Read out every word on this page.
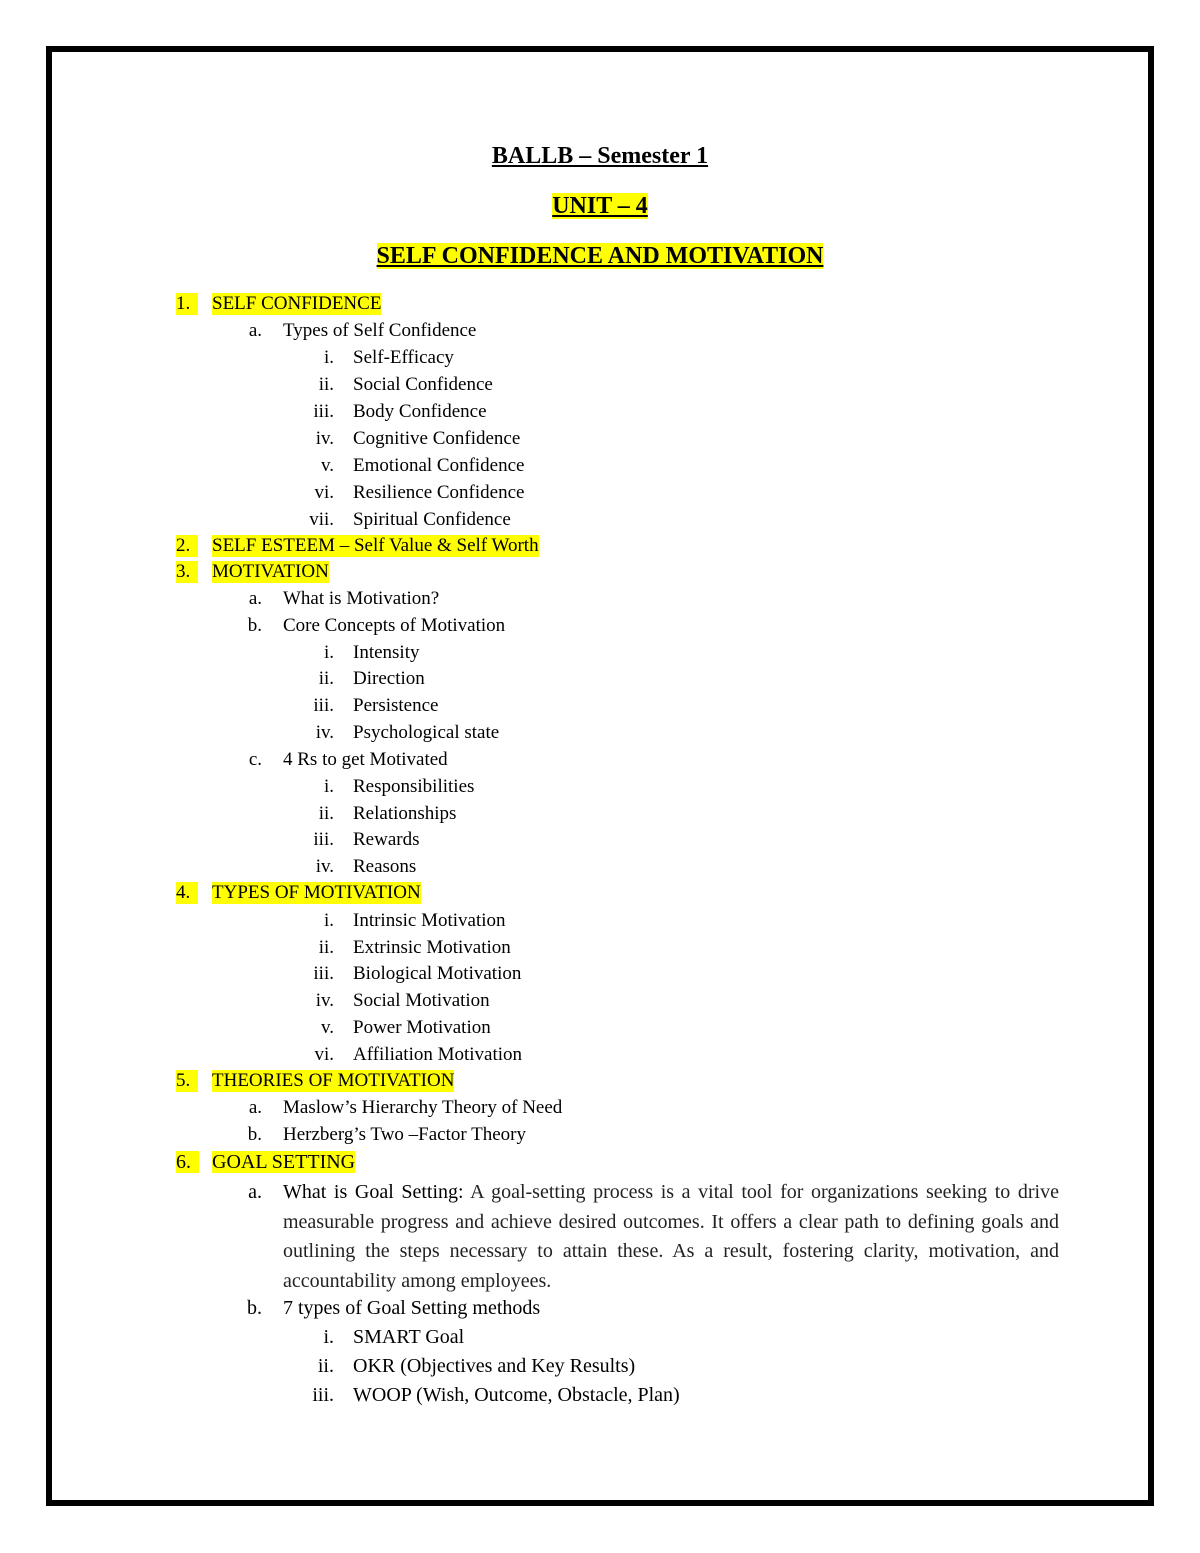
BALLB – Semester 1
UNIT – 4
SELF CONFIDENCE AND MOTIVATION
1.	SELF CONFIDENCE
a. Types of Self Confidence
i. Self-Efficacy
ii. Social Confidence
iii. Body Confidence
iv. Cognitive Confidence
v. Emotional Confidence
vi. Resilience Confidence
vii. Spiritual Confidence
2.	SELF ESTEEM – Self Value & Self Worth
3.	MOTIVATION
a. What is Motivation?
b. Core Concepts of Motivation
i. Intensity
ii. Direction
iii. Persistence
iv. Psychological state
c. 4 Rs to get Motivated
i. Responsibilities
ii. Relationships
iii. Rewards
iv. Reasons
4.	TYPES OF MOTIVATION
i. Intrinsic Motivation
ii. Extrinsic Motivation
iii. Biological Motivation
iv. Social Motivation
v. Power Motivation
vi. Affiliation Motivation
5.	THEORIES OF MOTIVATION
a. Maslow’s Hierarchy Theory of Need
b. Herzberg’s Two –Factor Theory
6.	GOAL SETTING
a. What is Goal Setting: A goal-setting process is a vital tool for organizations seeking to drive measurable progress and achieve desired outcomes. It offers a clear path to defining goals and outlining the steps necessary to attain these. As a result, fostering clarity, motivation, and accountability among employees.
b. 7 types of Goal Setting methods
i. SMART Goal
ii. OKR (Objectives and Key Results)
iii. WOOP (Wish, Outcome, Obstacle, Plan)
